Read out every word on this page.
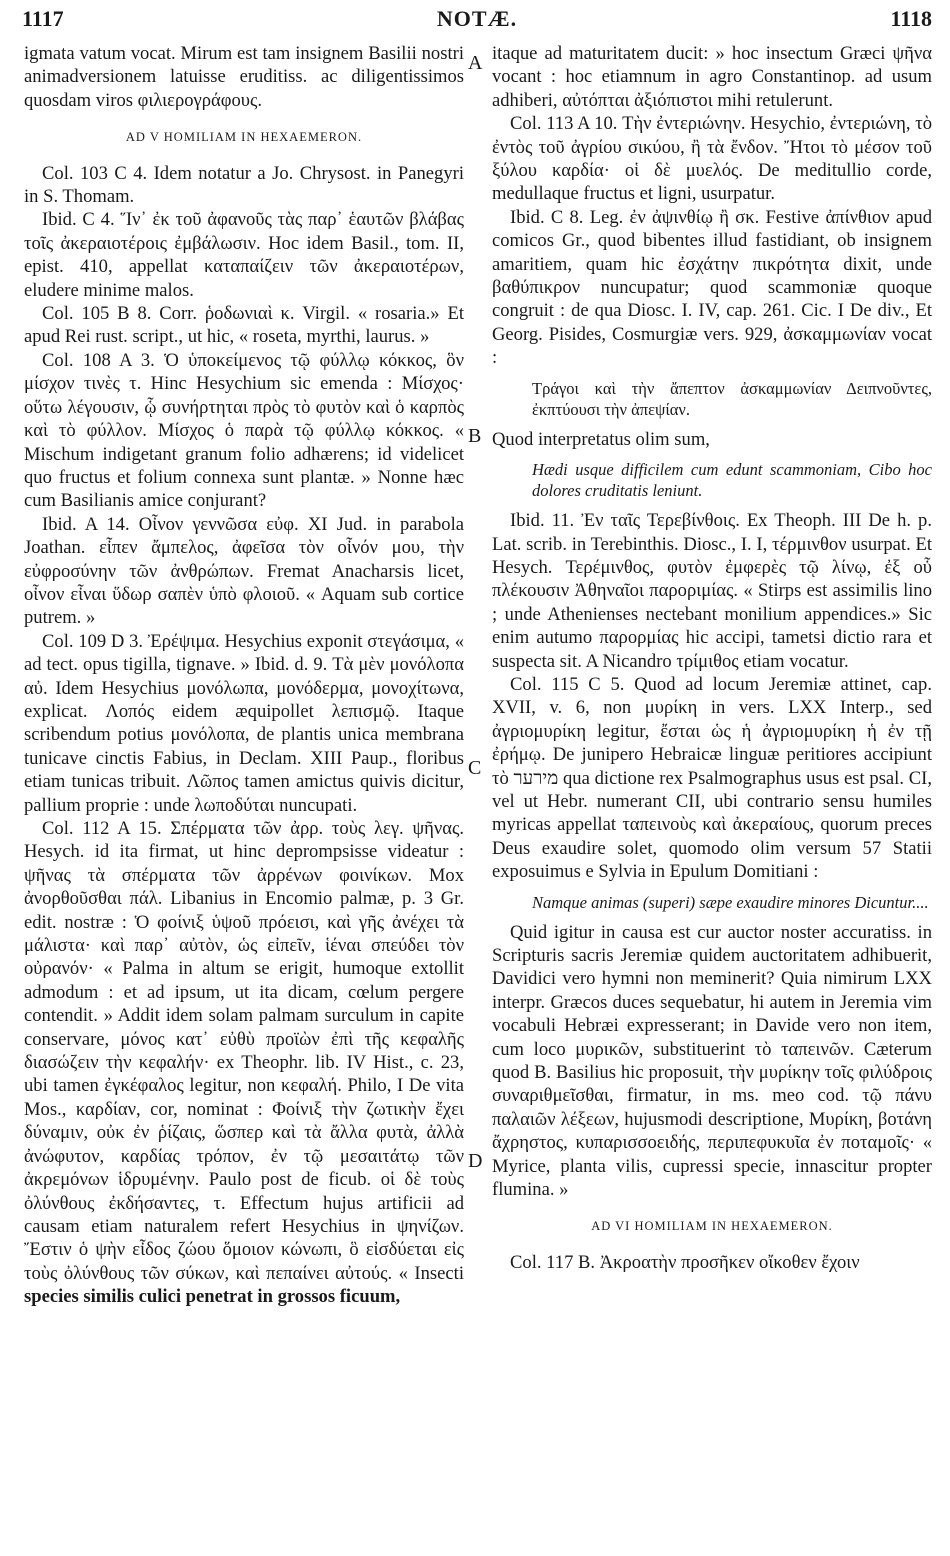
1117	NOTÆ.	1118
A
B
C
D

igmata vatum vocat. Mirum est tam insignem Basilii nostri animadversionem latuisse eruditiss. ac diligentissimos quosdam viros φιλιερογράφους.

AD V HOMILIAM IN HEXAEMERON.

Col. 103 C 4. Idem notatur a Jo. Chrysost. in Panegyri in S. Thomam.

Ibid. C 4. Ἵν᾽ ἐκ τοῦ ἀφανοῦς τὰς παρ᾽ ἑαυτῶν βλάβας τοῖς ἀκεραιοτέροις ἐμβάλωσιν. Hoc idem Basil., tom. II, epist. 410, appellat καταπαίζειν τῶν ἀκεραιοτέρων, eludere minime malos.

Col. 105 B 8. Corr. ῥοδωνιαὶ κ. Virgil. « rosaria.» Et apud Rei rust. script., ut hic, « roseta, myrthi, laurus. »

Col. 108 A 3. Ὁ ὑποκείμενος τῷ φύλλῳ κόκκος, ὃν μίσχον τινὲς τ. Hinc Hesychium sic emenda : Μίσχος· οὕτω λέγουσιν, ᾧ συνήρτηται πρὸς τὸ φυτὸν καὶ ὁ καρπὸς καὶ τὸ φύλλον. Μίσχος ὁ παρὰ τῷ φύλλῳ κόκκος. « Mischum indigetant granum folio adhærens; id videlicet quo fructus et folium connexa sunt plantæ. » Nonne hæc cum Basilianis amice conjurant?

Ibid. A 14. Οἶνον γεννῶσα εὐφ. XI Jud. in parabola Joathan. εἶπεν ἄμπελος, ἀφεῖσα τὸν οἶνόν μου, τὴν εὐφροσύνην τῶν ἀνθρώπων. Fremat Anacharsis licet, οἶνον εἶναι ὕδωρ σαπὲν ὑπὸ φλοιοῦ. « Aquam sub cortice putrem. »

Col. 109 D 3. Ἐρέψιμα. Hesychius exponit στεγάσιμα, « ad tect. opus tigilla, tignave. » Ibid. d. 9. Τὰ μὲν μονόλοπα αὐ. Idem Hesychius μονόλωπα, μονόδερμα, μονοχίτωνα, explicat. Λοπός eidem æquipollet λεπισμῷ. Itaque scribendum potius μονόλοπα, de plantis unica membrana tunicave cinctis Fabius, in Declam. XIII Paup., floribus etiam tunicas tribuit. Λῶπος tamen amictus quivis dicitur, pallium proprie : unde λωποδύται nuncupati.

Col. 112 A 15. Σπέρματα τῶν ἀρρ. τοὺς λεγ. ψῆνας. Hesych. id ita firmat, ut hinc deprompsisse videatur : ψῆνας τὰ σπέρματα τῶν ἀρρένων φοινίκων. Mox ἀνορθοῦσθαι πάλ. Libanius in Encomio palmæ, p. 3 Gr. edit. nostræ : Ὁ φοίνιξ ὑψοῦ πρόεισι, καὶ γῆς ἀνέχει τὰ μάλιστα· καὶ παρ᾽ αὐτὸν, ὡς εἰπεῖν, ἱέναι σπεύδει τὸν οὐρανόν· « Palma in altum se erigit, humoque extollit admodum : et ad ipsum, ut ita dicam, cœlum pergere contendit. » Addit idem solam palmam surculum in capite conservare, μόνος κατ᾽ εὐθὺ προϊὼν ἐπὶ τῆς κεφαλῆς διασώζειν τὴν κεφαλήν· ex Theophr. lib. IV Hist., c. 23, ubi tamen ἐγκέφαλος legitur, non κεφαλή. Philo, I De vita Mos., καρδίαν, cor, nominat : Φοίνιξ τὴν ζωτικὴν ἔχει δύναμιν, οὐκ ἐν ῥίζαις, ὥσπερ καὶ τὰ ἄλλα φυτὰ, ἀλλὰ ἀνώφυτον, καρδίας τρόπον, ἐν τῷ μεσαιτάτῳ τῶν ἀκρεμόνων ἱδρυμένην. Paulo post de ficub. οἱ δὲ τοὺς ὀλύνθους ἐκδήσαντες, τ. Effectum hujus artificii ad causam etiam naturalem refert Hesychius in ψηνίζων. Ἔστιν ὁ ψὴν εἶδος ζώου ὅμοιον κώνωπι, ὃ εἰσδύεται εἰς τοὺς ὀλύνθους τῶν σύκων, καὶ πεπαίνει αὐτούς. « Insecti species similis culici penetrat in grossos ficuum,

itaque ad maturitatem ducit: » hoc insectum Græci ψῆνα vocant : hoc etiamnum in agro Constantinop. ad usum adhiberi, αὐτόπται ἀξιόπιστοι mihi retulerunt.

Col. 113 A 10. Τὴν ἐντεριώνην. Hesychio, ἐντεριώνη, τὸ ἐντὸς τοῦ ἀγρίου σικύου, ἢ τὰ ἔνδον. Ἤτοι τὸ μέσον τοῦ ξύλου καρδία· οἱ δὲ μυελός. De meditullio corde, medullaque fructus et ligni, usurpatur.

Ibid. C 8. Leg. ἐν ἀψινθίῳ ἢ σκ. Festive ἀπίνθιον apud comicos Gr., quod bibentes illud fastidiant, ob insignem amaritiem, quam hic ἐσχάτην πικρότητα dixit, unde βαθύπικρον nuncupatur; quod scammoniæ quoque congruit : de qua Diosc. I. IV, cap. 261. Cic. I De div., Et Georg. Pisides, Cosmurgiæ vers. 929, ἀσκαμμωνίαν vocat :

Τράγοι καὶ τὴν ἄπεπτον ἀσκαμμωνίαν Δειπνοῦντες, ἐκπτύουσι τὴν ἀπεψίαν.

Quod interpretatus olim sum,

Hædi usque difficilem cum edunt scammoniam, Cibo hoc dolores cruditatis leniunt.

Ibid. 11. Ἐν ταῖς Τερεβίνθοις. Ex Theoph. III De h. p. Lat. scrib. in Terebinthis. Diosc., I. I, τέρμινθον usurpat. Et Hesych. Τερέμινθος, φυτὸν ἐμφερὲς τῷ λίνῳ, ἐξ οὗ πλέκουσιν Ἀθηναῖοι παροριμίας. « Stirps est assimilis lino ; unde Athenienses nectebant monilium appendices.» Sic enim autumo παρορμίας hic accipi, tametsi dictio rara et suspecta sit. A Nicandro τρίμιθος etiam vocatur.

Col. 115 C 5. Quod ad locum Jeremiæ attinet, cap. XVII, v. 6, non μυρίκη in vers. LXX Interp., sed ἀγριομυρίκη legitur, ἔσται ὡς ἡ ἀγριομυρίκη ἡ ἐν τῇ ἐρήμῳ. De junipero Hebraicæ linguæ peritiores accipiunt τὸ מירער qua dictione rex Psalmographus usus est psal. CI, vel ut Hebr. numerant CII, ubi contrario sensu humiles myricas appellat ταπεινοὺς καὶ ἀκεραίους, quorum preces Deus exaudire solet, quomodo olim versum 57 Statii exposuimus e Sylvia in Epulum Domitiani :

Namque animas (superi) sæpe exaudire minores Dicuntur....

Quid igitur in causa est cur auctor noster accuratiss. in Scripturis sacris Jeremiæ quidem auctoritatem adhibuerit, Davidici vero hymni non meminerit? Quia nimirum LXX interpr. Græcos duces sequebatur, hi autem in Jeremia vim vocabuli Hebræi expresserant; in Davide vero non item, cum loco μυρικῶν, substituerint τὸ ταπεινῶν. Cæterum quod B. Basilius hic proposuit, τὴν μυρίκην τοῖς φιλύδροις συναριθμεῖσθαι, firmatur, in ms. meo cod. τῷ πάνυ παλαιῶν λέξεων, hujusmodi descriptione, Μυρίκη, βοτάνη ἄχρηστος, κυπαρισσοειδής, περιπεφυκυῖα ἐν ποταμοῖς· « Myrice, planta vilis, cupressi specie, innascitur propter flumina. »

AD VI HOMILIAM IN HEXAEMERON.

Col. 117 B. Ἀκροατὴν προσῆκεν οἴκοθεν ἔχοιν
